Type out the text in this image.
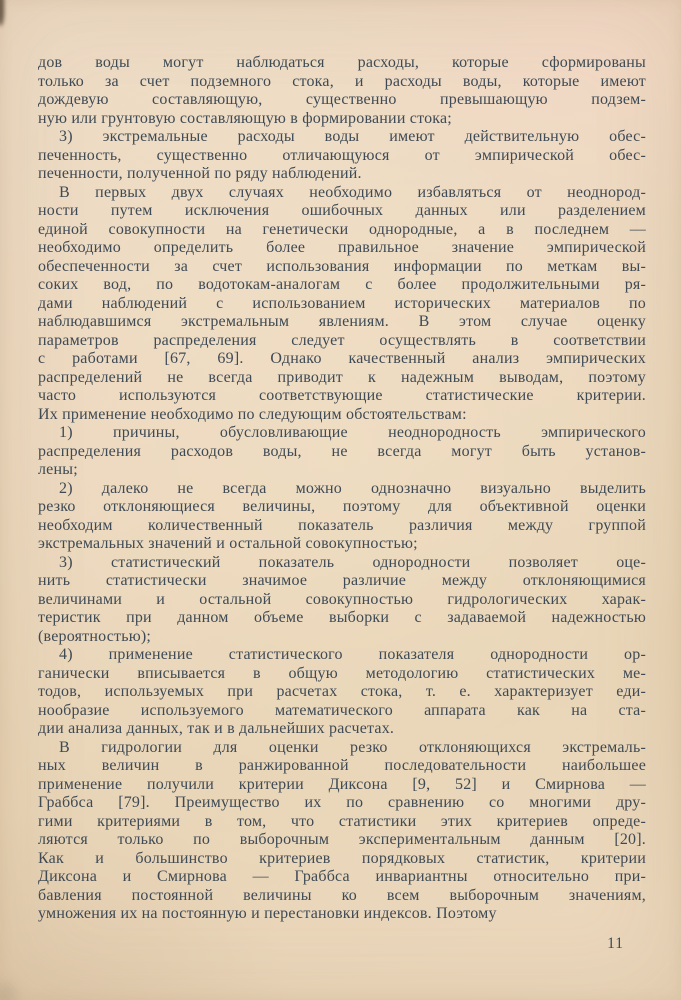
дов воды могут наблюдаться расходы, которые сформированы
только за счет подземного стока, и расходы воды, которые имеют
дождевую составляющую, существенно превышающую подзем-
ную или грунтовую составляющую в формировании стока;
3) экстремальные расходы воды имеют действительную обес-
печенность, существенно отличающуюся от эмпирической обес-
печенности, полученной по ряду наблюдений.
В первых двух случаях необходимо избавляться от неоднород-
ности путем исключения ошибочных данных или разделением
единой совокупности на генетически однородные, а в последнем —
необходимо определить более правильное значение эмпирической
обеспеченности за счет использования информации по меткам вы-
соких вод, по водотокам-аналогам с более продолжительными ря-
дами наблюдений с использованием исторических материалов по
наблюдавшимся экстремальным явлениям. В этом случае оценку
параметров распределения следует осуществлять в соответствии
с работами [67, 69]. Однако качественный анализ эмпирических
распределений не всегда приводит к надежным выводам, поэтому
часто используются соответствующие статистические критерии.
Их применение необходимо по следующим обстоятельствам:
1) причины, обусловливающие неоднородность эмпирического
распределения расходов воды, не всегда могут быть установ-
лены;
2) далеко не всегда можно однозначно визуально выделить
резко отклоняющиеся величины, поэтому для объективной оценки
необходим количественный показатель различия между группой
экстремальных значений и остальной совокупностью;
3) статистический показатель однородности позволяет оце-
нить статистически значимое различие между отклоняющимися
величинами и остальной совокупностью гидрологических харак-
теристик при данном объеме выборки с задаваемой надежностью
(вероятностью);
4) применение статистического показателя однородности ор-
ганически вписывается в общую методологию статистических ме-
тодов, используемых при расчетах стока, т. е. характеризует еди-
нообразие используемого математического аппарата как на ста-
дии анализа данных, так и в дальнейших расчетах.
В гидрологии для оценки резко отклоняющихся экстремаль-
ных величин в ранжированной последовательности наибольшее
применение получили критерии Диксона [9, 52] и Смирнова —
Граббса [79]. Преимущество их по сравнению со многими дру-
гими критериями в том, что статистики этих критериев опреде-
ляются только по выборочным экспериментальным данным [20].
Как и большинство критериев порядковых статистик, критерии
Диксона и Смирнова — Граббса инвариантны относительно при-
бавления постоянной величины ко всем выборочным значениям,
умножения их на постоянную и перестановки индексов. Поэтому
11
